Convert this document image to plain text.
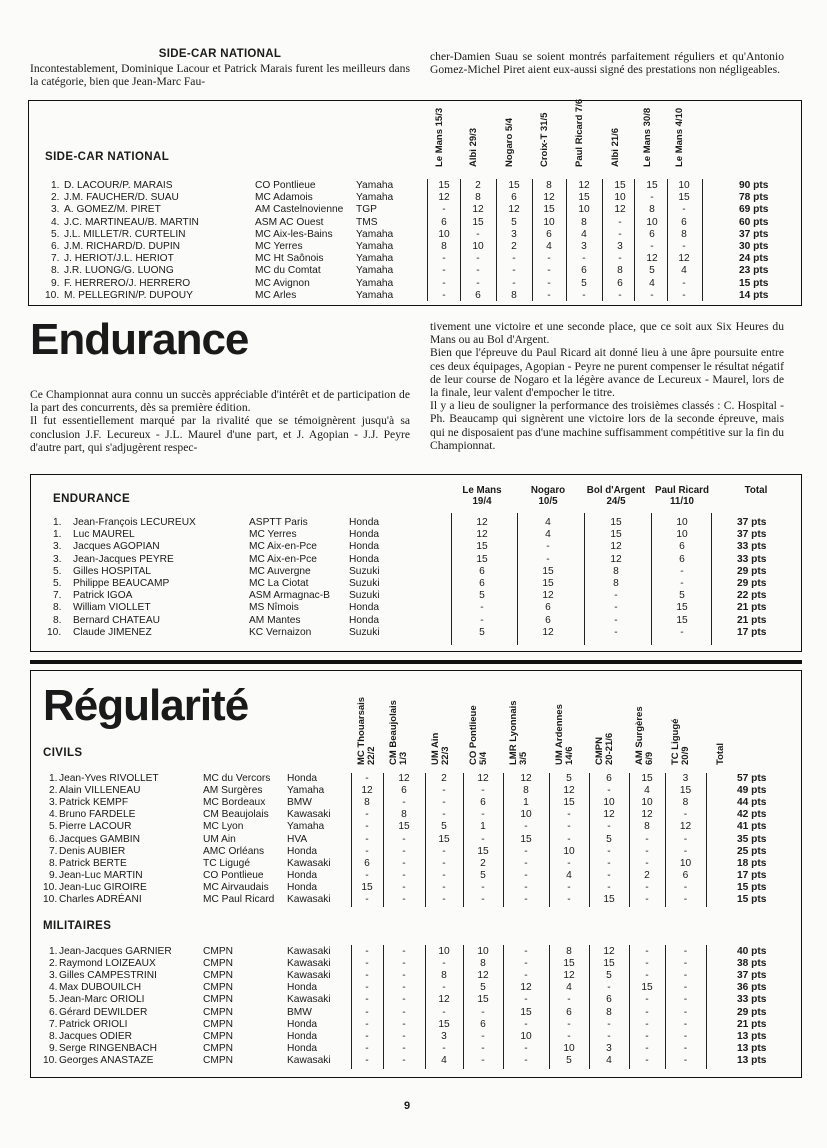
SIDE-CAR NATIONAL
Incontestablement, Dominique Lacour et Patrick Marais furent les meilleurs dans la catégorie, bien que Jean-Marc Fau-
cher-Damien Suau se soient montrés parfaitement réguliers et qu'Antonio Gomez-Michel Piret aient eux-aussi signé des prestations non négligeables.
SIDE-CAR NATIONAL	Le Mans 15/3 Albi 29/3	Nogaro 5/4	Croix-T 31/5	Paul Ricard 7/6	Albi 21/6 Le Mans 30/8 Le Mans 4/10
1. D. LACOUR/P. MARAIS	CO Pontlieue	Yamaha	15	2	15	8	12	15	15	10	90 pts
2. J.M. FAUCHER/D. SUAU	MC Adamois	Yamaha	12	8	6	12	15	10	-	15	78 pts
3. A. GOMEZ/M. PIRET	AM Castelnovienne TGP	-	12	12	15	10	12	8	-	69 pts
4. J.C. MARTINEAU/B. MARTIN	ASM AC Ouest	TMS	6	15	5	10	8	-	10	6	60 pts
5. J.L. MILLET/R. CURTELIN	MC Aix-les-Bains Yamaha	10	-	3	6	4	-	6	8	37 pts
6. J.M. RICHARD/D. DUPIN	MC Yerres	Yamaha	8	10	2	4	3	3	-	-	30 pts
7. J. HERIOT/J.L. HERIOT	MC Ht Saônois	Yamaha	-	-	-	-	-	-	12	12	24 pts
8. J.R. LUONG/G. LUONG	MC du Comtat	Yamaha	-	-	-	-	6	8	5	4	23 pts
9. F. HERRERO/J. HERRERO	MC Avignon	Yamaha	-	-	-	-	5	6	4	-	15 pts
10. M. PELLEGRIN/P. DUPOUY	MC Arles	Yamaha	-	6	8	-	-	-	-	-	14 pts
Endurance
Ce Championnat aura connu un succès appréciable d'intérêt et de participation de la part des concurrents, dès sa première édition.
Il fut essentiellement marqué par la rivalité que se témoignèrent jusqu'à sa conclusion J.F. Lecureux - J.L. Maurel d'une part, et J. Agopian - J.J. Peyre d'autre part, qui s'adjugèrent respec-
tivement une victoire et une seconde place, que ce soit aux Six Heures du Mans ou au Bol d'Argent.
Bien que l'épreuve du Paul Ricard ait donné lieu à une âpre poursuite entre ces deux équipages, Agopian - Peyre ne purent compenser le résultat négatif de leur course de Nogaro et la légère avance de Lecureux - Maurel, lors de la finale, leur valent d'empocher le titre.
Il y a lieu de souligner la performance des troisièmes classés : C. Hospital - Ph. Beaucamp qui signèrent une victoire lors de la seconde épreuve, mais qui ne disposaient pas d'une machine suffisamment compétitive sur la fin du Championnat.
ENDURANCE
Le Mans
19/4
Nogaro
10/5
Bol d'Argent
24/5
Paul Ricard
11/10
Total
1. Jean-François LECUREUX	ASPTT Paris	Honda	12	4	15	10	37 pts
1. Luc MAUREL	MC Yerres	Honda	12	4	15	10	37 pts
3. Jacques AGOPIAN	MC Aix-en-Pce	Honda	15	-	12	6	33 pts
3. Jean-Jacques PEYRE	MC Aix-en-Pce	Honda	15	-	12	6	33 pts
5. Gilles HOSPITAL	MC Auvergne	Suzuki	6	15	8	-	29 pts
5. Philippe BEAUCAMP	MC La Ciotat	Suzuki	6	15	8	-	29 pts
7. Patrick IGOA	ASM Armagnac-B Suzuki	5	12	-	5	22 pts
8. William VIOLLET	MS Nîmois	Honda	-	6	-	15	21 pts
8. Bernard CHATEAU	AM Mantes	Honda	-	6	-	15	21 pts
10. Claude JIMENEZ	KC Vernaizon	Suzuki	5	12	-	-	17 pts
Régularité
CIVILS
MILITAIRES
MC Thouarsais 22/2 CM Beaujolais 1/3 UM Ain 22/3 CO Pontlieue 5/4 LMR Lyonnais 3/5	UM Ardennes 14/6 CMPN 20-21/6 AM Surgères 6/9 TC Ligugé 20/9	Total
1. Jean-Yves RIVOLLET	MC du Vercors Honda	-	12	2	12	12	5	6	15	3	57 pts
2. Alain VILLENEAU	AM Surgères Yamaha	12	6	-	-	8	12	-	4	15	49 pts
3. Patrick KEMPF	MC Bordeaux BMW	8	-	-	6	1	15	10	10	8	44 pts
4. Bruno FARDELE	CM Beaujolais Kawasaki	-	8	-	-	10	-	12	12	-	42 pts
5. Pierre LACOUR	MC Lyon	Yamaha	-	15	5	1	-	-	-	8	12	41 pts
6. Jacques GAMBIN	UM Ain	HVA	-	-	15	-	15	-	5	-	-	35 pts
7. Denis AUBIER	AMC Orléans Honda	-	-	-	15	-	10	-	-	-	25 pts
8. Patrick BERTE	TC Ligugé	Kawasaki	6	-	-	2	-	-	-	-	10	18 pts
9. Jean-Luc MARTIN	CO Pontlieue Honda	-	-	-	5	-	4	-	2	6	17 pts
10. Jean-Luc GIROIRE	MC Airvaudais Honda	15	-	-	-	-	-	-	-	-	15 pts
10. Charles ADRÉANI	MC Paul Ricard Kawasaki	-	-	-	-	-	-	15	-	-	15 pts
1. Jean-Jacques GARNIER	CMPN	Kawasaki	-	-	10	10	-	8	12	-	-	40 pts
2. Raymond LOIZEAUX	CMPN	Kawasaki	-	-	-	8	-	15	15	-	-	38 pts
3. Gilles CAMPESTRINI	CMPN	Kawasaki	-	-	8	12	-	12	5	-	-	37 pts
4. Max DUBOUILCH	CMPN	Honda	-	-	-	5	12	4	-	15	-	36 pts
5. Jean-Marc ORIOLI	CMPN	Kawasaki	-	-	12	15	-	-	6	-	-	33 pts
6. Gérard DEWILDER	CMPN	BMW	-	-	-	-	15	6	8	-	-	29 pts
7. Patrick ORIOLI	CMPN	Honda	-	-	15	6	-	-	-	-	-	21 pts
8. Jacques ODIER	CMPN	Honda	-	-	3	-	10	-	-	-	-	13 pts
9. Serge RINGENBACH	CMPN	Honda	-	-	-	-	-	10	3	-	-	13 pts
10. Georges ANASTAZE	CMPN	Kawasaki	-	-	4	-	-	5	4	-	-	13 pts
9
